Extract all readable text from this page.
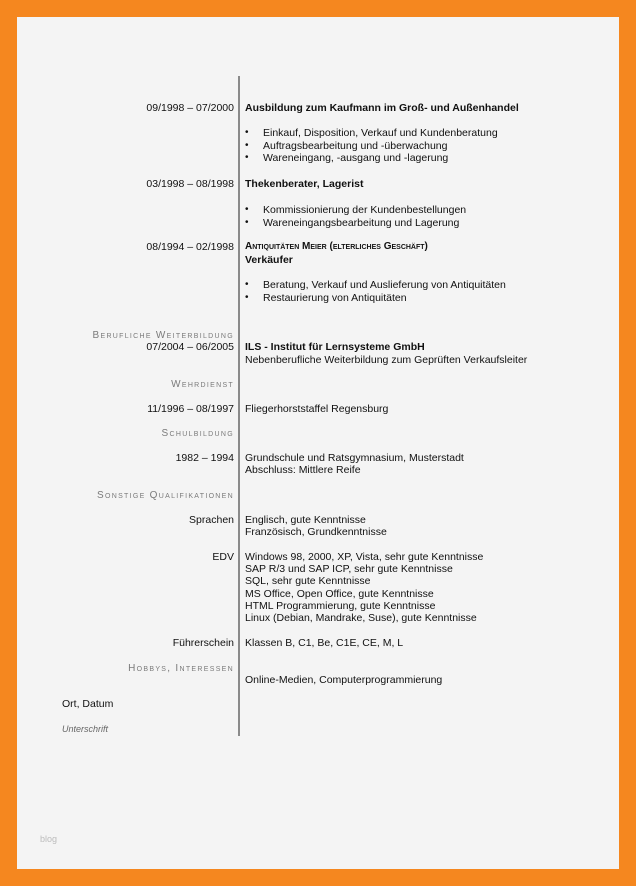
09/1998 – 07/2000 Ausbildung zum Kaufmann im Groß- und Außenhandel
• Einkauf, Disposition, Verkauf und Kundenberatung
• Auftragsbearbeitung und -überwachung
• Wareneingang, -ausgang und -lagerung
03/1998 – 08/1998 Thekenberater, Lagerist
• Kommissionierung der Kundenbestellungen
• Wareneingangsbearbeitung und Lagerung
08/1994 – 02/1998 Antiquitäten Meier (elterliches Geschäft)
Verkäufer
• Beratung, Verkauf und Auslieferung von Antiquitäten
• Restaurierung von Antiquitäten
Berufliche Weiterbildung
07/2004 – 06/2005 ILS - Institut für Lernsysteme GmbH
Nebenberufliche Weiterbildung zum Geprüften Verkaufsleiter
Wehrdienst
11/1996 – 08/1997 Fliegerhorststaffel Regensburg
Schulbildung
1982 – 1994 Grundschule und Ratsgymnasium, Musterstadt
Abschluss: Mittlere Reife
Sonstige Qualifikationen
Sprachen Englisch, gute Kenntnisse
Französisch, Grundkenntnisse
EDV Windows 98, 2000, XP, Vista, sehr gute Kenntnisse
SAP R/3 und SAP ICP, sehr gute Kenntnisse
SQL, sehr gute Kenntnisse
MS Office, Open Office, gute Kenntnisse
HTML Programmierung, gute Kenntnisse
Linux (Debian, Mandrake, Suse), gute Kenntnisse
Führerschein Klassen B, C1, Be, C1E, CE, M, L
Hobbys, Interessen
Online-Medien, Computerprogrammierung
Ort, Datum
Unterschrift
blog
